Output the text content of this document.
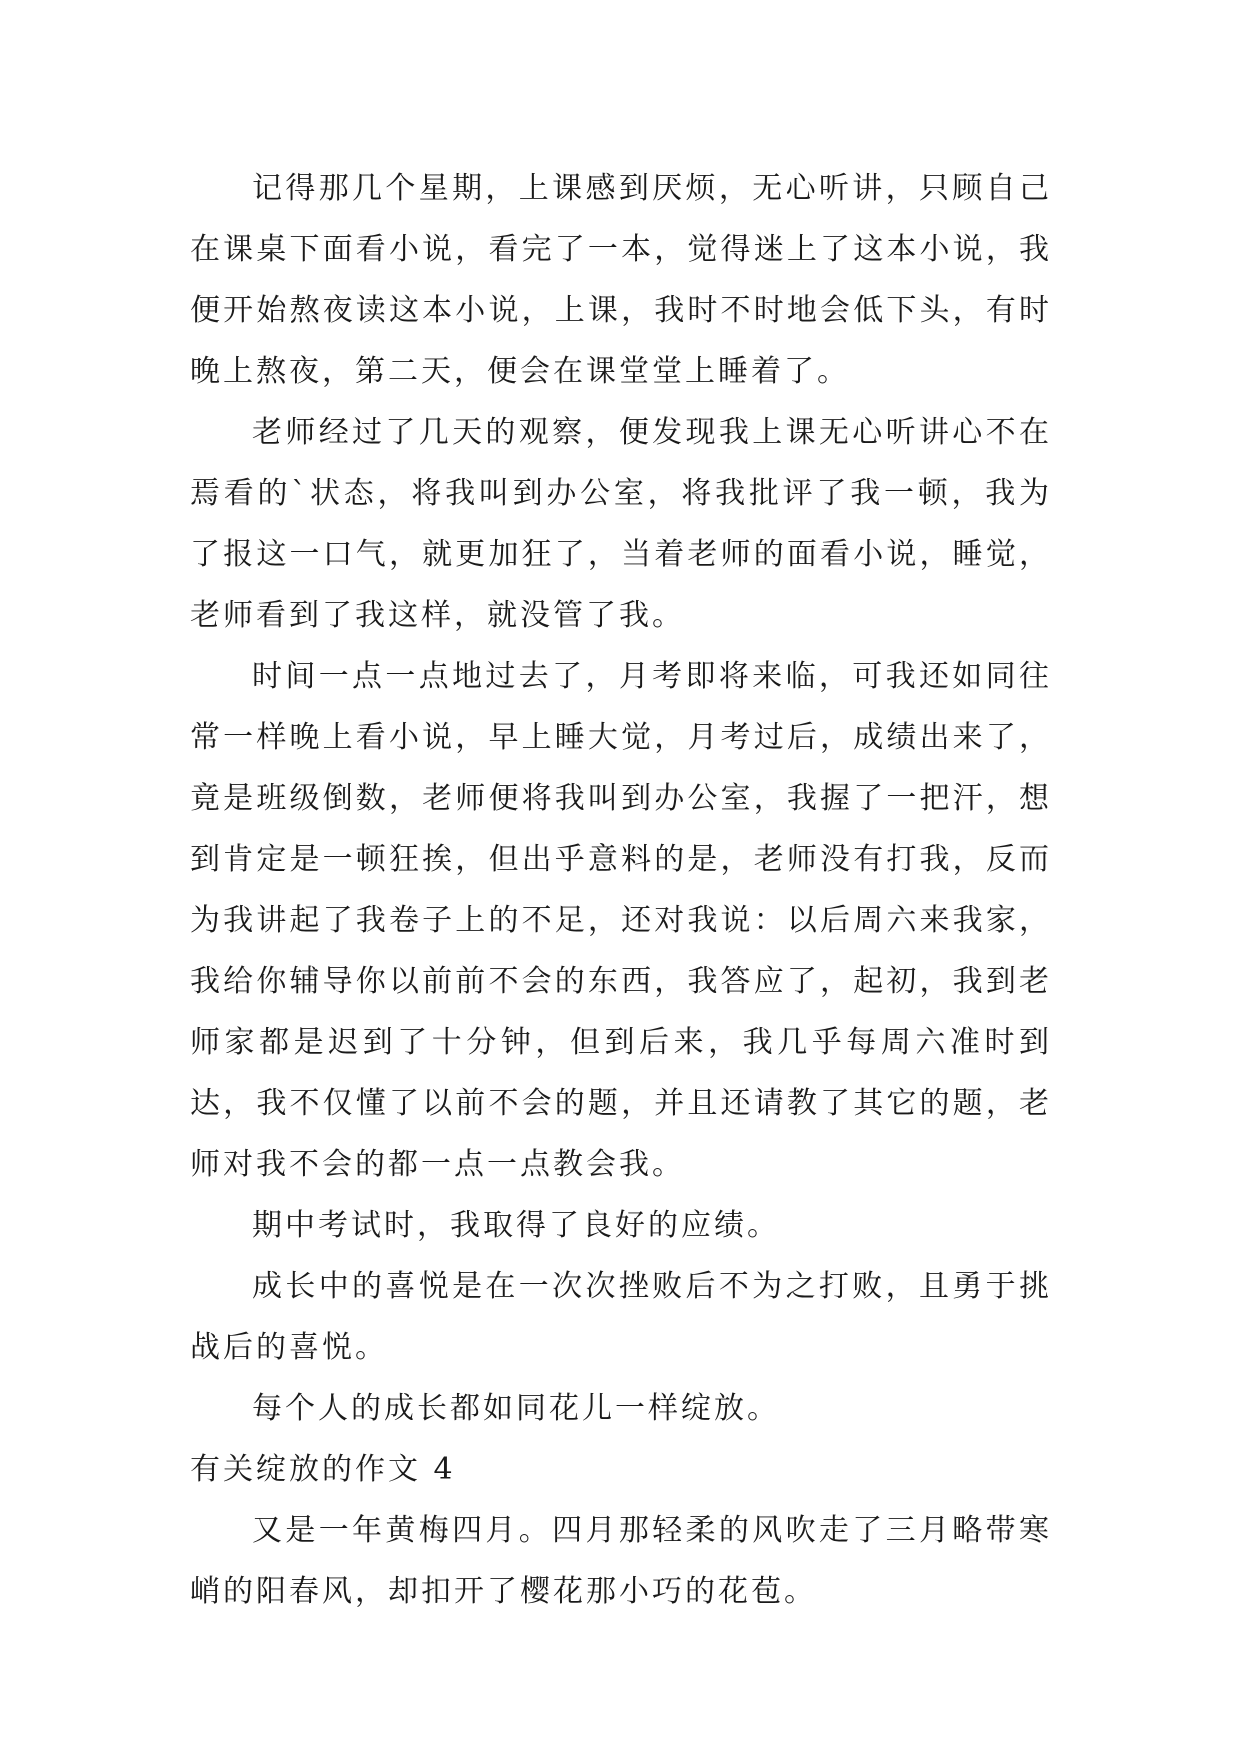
记得那几个星期，上课感到厌烦，无心听讲，只顾自己在课桌下面看小说，看完了一本，觉得迷上了这本小说，我便开始熬夜读这本小说，上课，我时不时地会低下头，有时晚上熬夜，第二天，便会在课堂堂上睡着了。

老师经过了几天的观察，便发现我上课无心听讲心不在焉看的`状态，将我叫到办公室，将我批评了我一顿，我为了报这一口气，就更加狂了，当着老师的面看小说，睡觉，老师看到了我这样，就没管了我。

时间一点一点地过去了，月考即将来临，可我还如同往常一样晚上看小说，早上睡大觉，月考过后，成绩出来了，竟是班级倒数，老师便将我叫到办公室，我握了一把汗，想到肯定是一顿狂挨，但出乎意料的是，老师没有打我，反而为我讲起了我卷子上的不足，还对我说：以后周六来我家，我给你辅导你以前前不会的东西，我答应了，起初，我到老师家都是迟到了十分钟，但到后来，我几乎每周六准时到达，我不仅懂了以前不会的题，并且还请教了其它的题，老师对我不会的都一点一点教会我。

期中考试时，我取得了良好的应绩。

成长中的喜悦是在一次次挫败后不为之打败，且勇于挑战后的喜悦。

每个人的成长都如同花儿一样绽放。

有关绽放的作文 4

又是一年黄梅四月。四月那轻柔的风吹走了三月略带寒峭的阳春风，却扣开了樱花那小巧的花苞。
